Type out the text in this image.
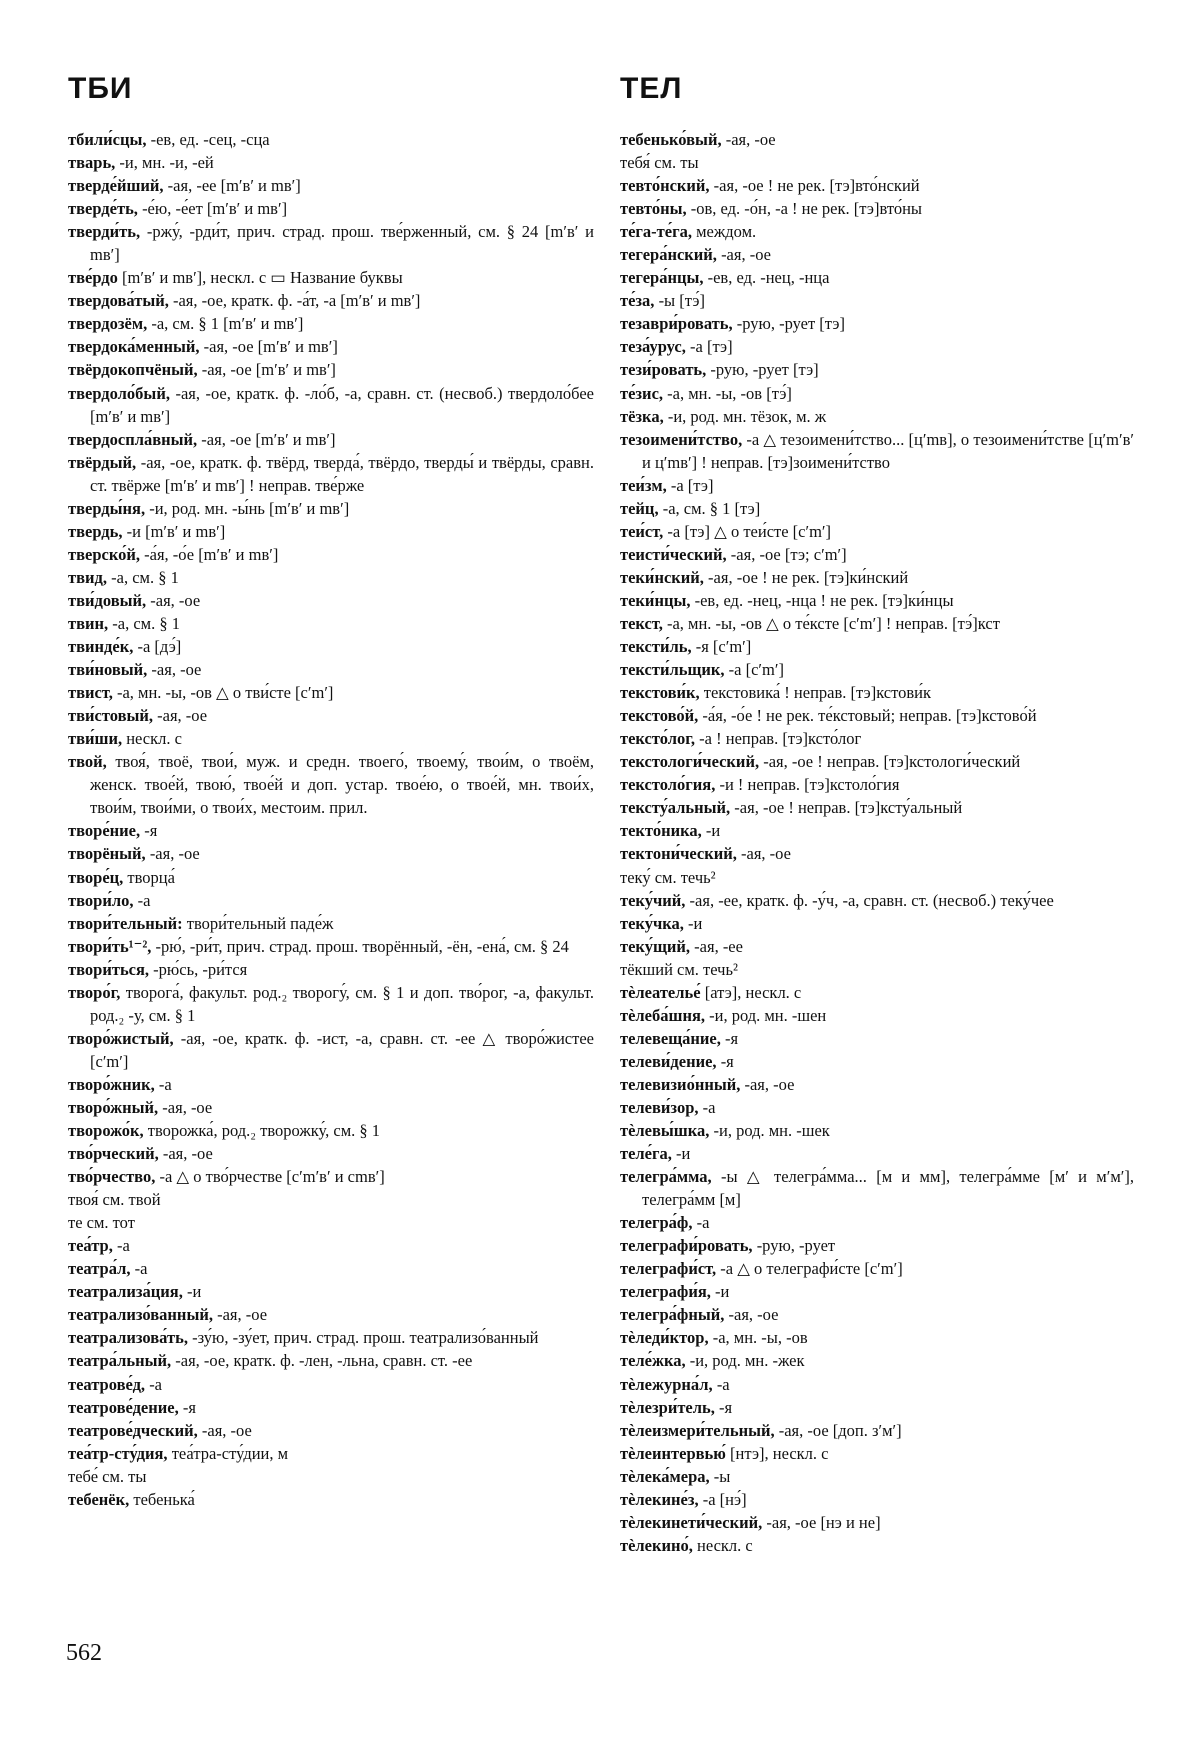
ТБИ	ТЕЛ
тбили́сцы, -ев, ед. -сец, -сца
тварь, -и, мн. -и, -ей
тверде́йший, -ая, -ее [mʹвʹ и mвʹ]
тверде́ть, -е́ю, -е́ет [mʹвʹ и mвʹ]
тверди́ть, -ржу́, -рди́т, прич. страд. прош. тве́рженный, см. § 24 [mʹвʹ и mвʹ]
тве́рдо [mʹвʹ и mвʹ], нескл. с ▭ Название буквы
твердова́тый, -ая, -ое, кратк. ф. -а́т, -а [mʹвʹ и mвʹ]
твердозём, -а, см. § 1 [mʹвʹ и mвʹ]
твердока́менный, -ая, -ое [mʹвʹ и mвʹ]
твёрдокопчёный, -ая, -ое [mʹвʹ и mвʹ]
твердоло́бый, -ая, -ое, кратк. ф. -ло́б, -а, сравн. ст. (несвоб.) твердоло́бее [mʹвʹ и mвʹ]
твердоспла́вный, -ая, -ое [mʹвʹ и mвʹ]
твёрдый, -ая, -ое, кратк. ф. твёрд, тверда́, твёрдо, тверды́ и твёрды, сравн. ст. твёрже [mʹвʹ и mвʹ] ! неправ. тве́рже
тверды́ня, -и, род. мн. -ы́нь [mʹвʹ и mвʹ]
твердь, -и [mʹвʹ и mвʹ]
тверско́й, -а́я, -о́е [mʹвʹ и mвʹ]
твид, -а, см. § 1
тви́довый, -ая, -ое
твин, -а, см. § 1
твинде́к, -а [дэ́]
тви́новый, -ая, -ое
твист, -а, мн. -ы, -ов △ о тви́сте [сʹmʹ]
тви́стовый, -ая, -ое
тви́ши, нескл. с
твой, твоя́, твоё, твои́, муж. и средн. твоего́, твоему́, твои́м, о твоём, женск. твое́й, твою́, твое́й и доп. устар. твое́ю, о твое́й, мн. твои́х, твои́м, твои́ми, о твои́х, местоим. прил.
творе́ние, -я
творёный, -ая, -ое
творе́ц, творца́
твори́ло, -а
твори́тельный: твори́тельный паде́ж
твори́ть¹⁻², -рю́, -ри́т, прич. страд. прош. творённый, -ён, -ена́, см. § 24
твори́ться, -рю́сь, -ри́тся
творо́г, творога́, факульт. род.₂ творогу́, см. § 1 и доп. тво́рог, -а, факульт. род.₂ -у, см. § 1
творо́жистый, -ая, -ое, кратк. ф. -ист, -а, сравн. ст. -ее △ творо́жистее [сʹmʹ]
творо́жник, -а
творо́жный, -ая, -ое
творожо́к, творожка́, род.₂ творожку́, см. § 1
тво́рческий, -ая, -ое
тво́рчество, -а △ о тво́рчестве [сʹmʹвʹ и cmвʹ]
твоя́ см. твой
те см. тот
теа́тр, -а
театра́л, -а
театрализа́ция, -и
театрализо́ванный, -ая, -ое
театрализова́ть, -зу́ю, -зу́ет, прич. страд. прош. театрализо́ванный
театра́льный, -ая, -ое, кратк. ф. -лен, -льна, сравн. ст. -ее
театрове́д, -а
театрове́дение, -я
театрове́дческий, -ая, -ое
теа́тр-сту́дия, теа́тра-сту́дии, м
тебе́ см. ты
тебенёк, тебенька́
тебенько́вый, -ая, -ое
тебя́ см. ты
тевто́нский, -ая, -ое ! не рек. [тэ]вто́нский
тевто́ны, -ов, ед. -о́н, -а ! не рек. [тэ]вто́ны
те́га-те́га, междом.
тегера́нский, -ая, -ое
тегера́нцы, -ев, ед. -нец, -нца
те́за, -ы [тэ́]
тезаври́ровать, -рую, -рует [тэ]
теза́урус, -а [тэ]
тези́ровать, -рую, -рует [тэ]
те́зис, -а, мн. -ы, -ов [тэ́]
тёзка, -и, род. мн. тёзок, м. ж
тезоимени́тство, -а △ тезоимени́тство... [цʹmв], о тезоимени́тстве [цʹmʹвʹ и цʹmвʹ] ! неправ. [тэ]зоимени́тство
теи́зм, -а [тэ]
тейц, -а, см. § 1 [тэ]
теи́ст, -а [тэ] △ о теи́сте [сʹmʹ]
теисти́ческий, -ая, -ое [тэ; сʹmʹ]
теки́нский, -ая, -ое ! не рек. [тэ]ки́нский
теки́нцы, -ев, ед. -нец, -нца ! не рек. [тэ]ки́нцы
текст, -а, мн. -ы, -ов △ о те́ксте [сʹmʹ] ! неправ. [тэ́]кст
тексти́ль, -я [сʹmʹ]
тексти́льщик, -а [сʹmʹ]
текстови́к, текстовика́ ! неправ. [тэ]кстови́к
текстово́й, -а́я, -о́е ! не рек. те́кстовый; неправ. [тэ]кстово́й
тексто́лог, -а ! неправ. [тэ]ксто́лог
текстологи́ческий, -ая, -ое ! неправ. [тэ]кстологи́ческий
текстоло́гия, -и ! неправ. [тэ]кстоло́гия
тексту́альный, -ая, -ое ! неправ. [тэ]ксту́альный
текто́ника, -и
тектони́ческий, -ая, -ое
теку́ см. течь²
теку́чий, -ая, -ее, кратк. ф. -у́ч, -а, сравн. ст. (несвоб.) теку́чее
теку́чка, -и
теку́щий, -ая, -ее
тёкший см. течь²
тѐлеателье́ [атэ], нескл. с
тѐлеба́шня, -и, род. мн. -шен
телевеща́ние, -я
телеви́дение, -я
телевизио́нный, -ая, -ое
телеви́зор, -а
тѐлевы́шка, -и, род. мн. -шек
теле́га, -и
телегра́мма, -ы △ телегра́мма... [м и мм], телегра́мме [мʹ и мʹмʹ], телегра́мм [м]
телегра́ф, -а
телеграфи́ровать, -рую, -рует
телеграфи́ст, -а △ о телеграфи́сте [сʹmʹ]
телеграфи́я, -и
телегра́фный, -ая, -ое
тѐледи́ктор, -а, мн. -ы, -ов
теле́жка, -и, род. мн. -жек
тѐлежурна́л, -а
тѐлезри́тель, -я
тѐлеизмери́тельный, -ая, -ое [доп. зʹмʹ]
тѐлеинтервью́ [нтэ], нескл. с
тѐлека́мера, -ы
тѐлекине́з, -а [нэ́]
тѐлекинети́ческий, -ая, -ое [нэ и не]
тѐлекино́, нескл. с
562
